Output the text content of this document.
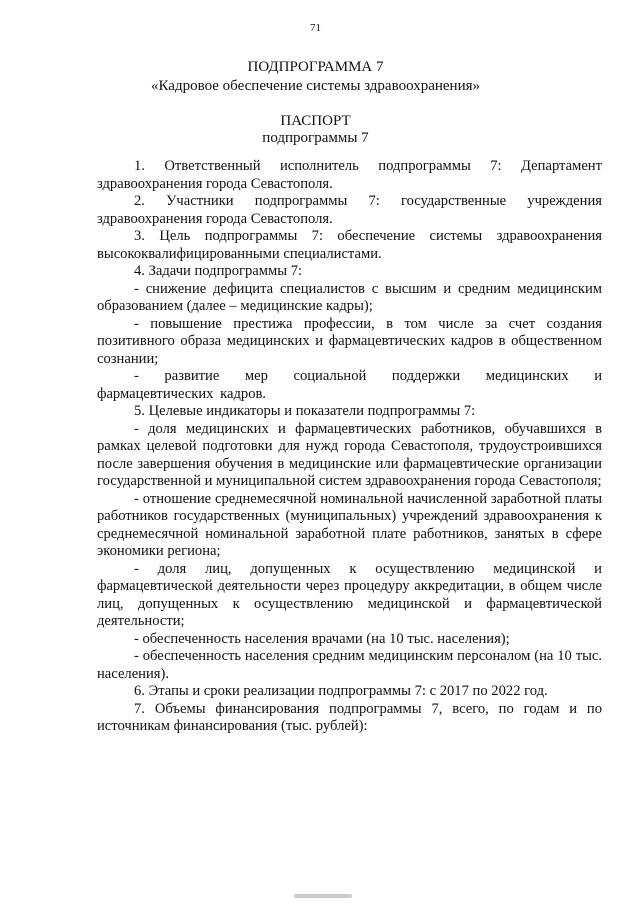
71
ПОДПРОГРАММА 7
«Кадровое обеспечение системы здравоохранения»
ПАСПОРТ
подпрограммы 7

1. Ответственный исполнитель подпрограммы 7: Департамент здравоохранения города Севастополя.

2. Участники подпрограммы 7: государственные учреждения здравоохранения города Севастополя.

3. Цель подпрограммы 7: обеспечение системы здравоохранения высококвалифицированными специалистами.

4. Задачи подпрограммы 7:

- снижение дефицита специалистов с высшим и средним медицинским образованием (далее – медицинские кадры);

- повышение престижа профессии, в том числе за счет создания позитивного образа медицинских и фармацевтических кадров в общественном сознании;

- развитие мер социальной поддержки медицинских и фармацевтических кадров.

5. Целевые индикаторы и показатели подпрограммы 7:

- доля медицинских и фармацевтических работников, обучавшихся в рамках целевой подготовки для нужд города Севастополя, трудоустроившихся после завершения обучения в медицинские или фармацевтические организации государственной и муниципальной систем здравоохранения города Севастополя;

- отношение среднемесячной номинальной начисленной заработной платы работников государственных (муниципальных) учреждений здравоохранения к среднемесячной номинальной заработной плате работников, занятых в сфере экономики региона;

- доля лиц, допущенных к осуществлению медицинской и фармацевтической деятельности через процедуру аккредитации, в общем числе лиц, допущенных к осуществлению медицинской и фармацевтической деятельности;

- обеспеченность населения врачами (на 10 тыс. населения);

- обеспеченность населения средним медицинским персоналом (на 10 тыс. населения).

6. Этапы и сроки реализации подпрограммы 7: с 2017 по 2022 год.

7. Объемы финансирования подпрограммы 7, всего, по годам и по источникам финансирования (тыс. рублей):
